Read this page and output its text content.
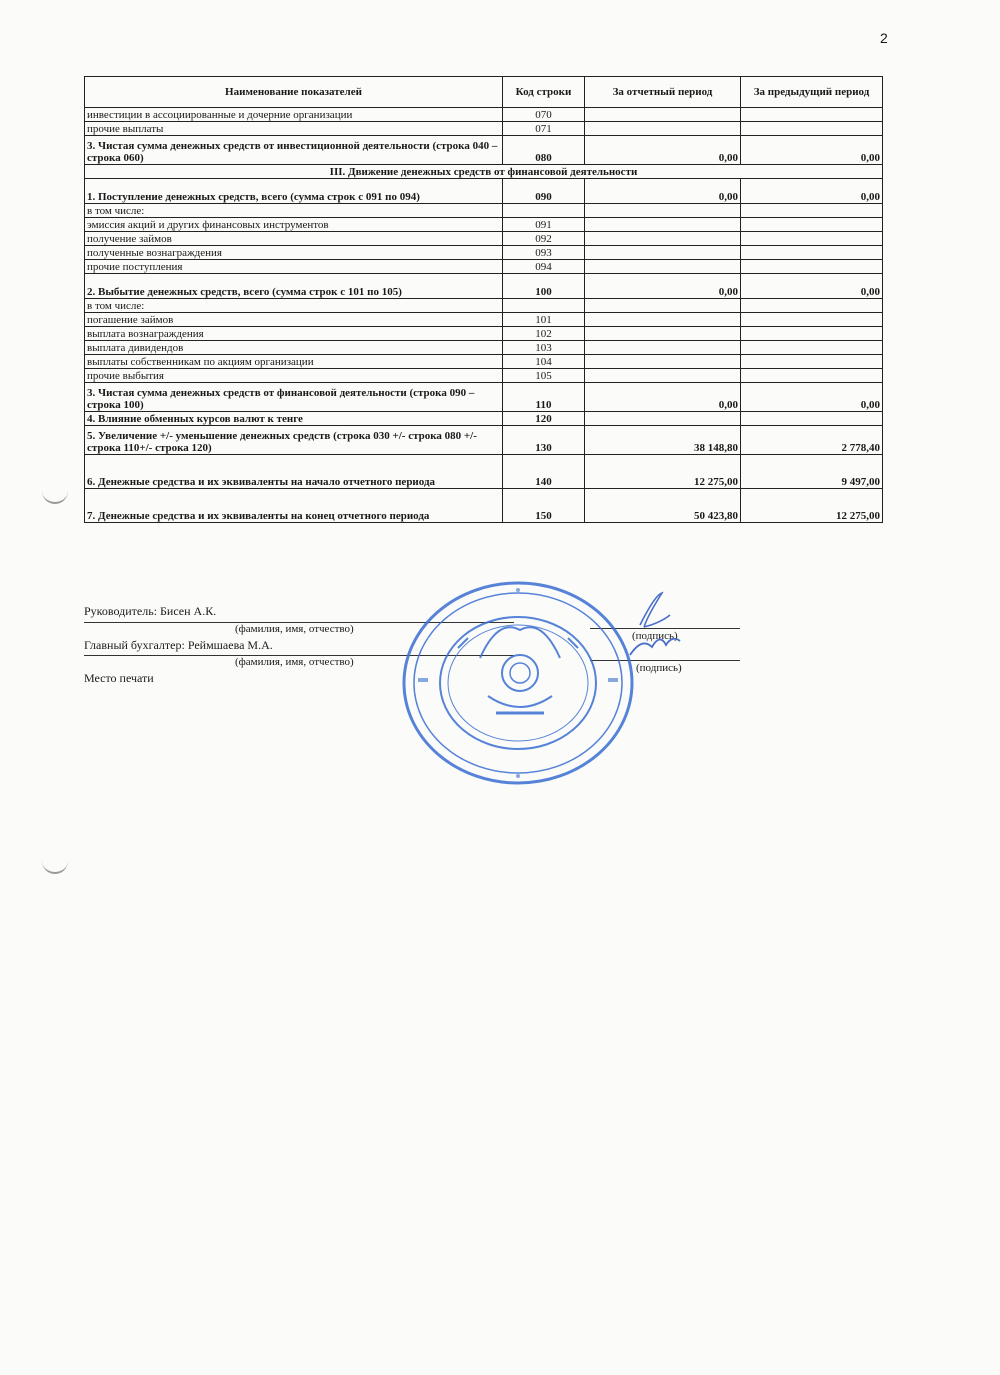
2
Наименование показателей	Код строки	За отчетный период	За предыдущий период
инвестиции в ассоциированные и дочерние организации	070		
прочие выплаты	071		
3. Чистая сумма денежных средств от инвестиционной деятельности (строка 040 – строка 060)	080	0,00	0,00
III. Движение денежных средств от финансовой деятельности			
1. Поступление денежных средств, всего (сумма строк с 091 по 094)	090	0,00	0,00
в том числе:			
эмиссия акций и других финансовых инструментов	091		
получение займов	092		
полученные вознаграждения	093		
прочие поступления	094		
2. Выбытие денежных средств, всего (сумма строк с 101 по 105)	100	0,00	0,00
в том числе:			
погашение займов	101		
выплата вознаграждения	102		
выплата дивидендов	103		
выплаты собственникам по акциям организации	104		
прочие выбытия	105		
3. Чистая сумма денежных средств от финансовой деятельности (строка 090 – строка 100)	110	0,00	0,00
4. Влияние обменных курсов валют к тенге	120		
5. Увеличение +/- уменьшение денежных средств (строка 030 +/- строка 080 +/- строка 110+/- строка 120)	130	38 148,80	2 778,40
6. Денежные средства и их эквиваленты на начало отчетного периода	140	12 275,00	9 497,00
7. Денежные средства и их эквиваленты на конец отчетного периода	150	50 423,80	12 275,00
Руководитель: Бисен А.К.
(фамилия, имя, отчество)
(подпись)
Главный бухгалтер: Реймшаева М.А.
(фамилия, имя, отчество)	(подпись)
Место печати
